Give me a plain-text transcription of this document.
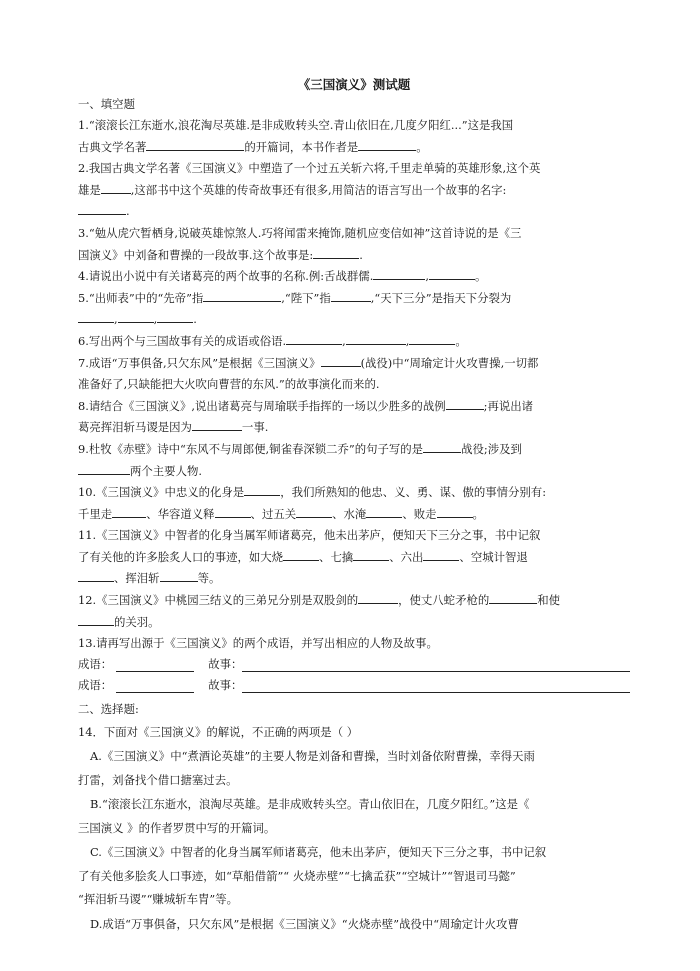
《三国演义》测试题
一、填空题
1.“滚滚长江东逝水,浪花淘尽英雄.是非成败转头空.青山依旧在,几度夕阳红...”这是我国
古典文学名著	的开篇词，本书作者是	。
2.我国古典文学名著《三国演义》中塑造了一个过五关斩六将,千里走单骑的英雄形象,这个英
雄是	,这部书中这个英雄的传奇故事还有很多,用简洁的语言写出一个故事的名字:
.
3.“勉从虎穴暂栖身,说破英雄惊煞人.巧将闻雷来掩饰,随机应变信如神”这首诗说的是《三
国演义》中刘备和曹操的一段故事.这个故事是:	.
4.请说出小说中有关诸葛亮的两个故事的名称.例:舌战群儒.	,	。
5.“出师表”中的“先帝”指	,“陛下”指	,“天下三分”是指天下分裂为
,	,	.
6.写出两个与三国故事有关的成语或俗语.	,	,	。
7.成语“万事俱备,只欠东风”是根据《三国演义》	(战役)中“周瑜定计火攻曹操,一切都
准备好了,只缺能把大火吹向曹营的东风.”的故事演化而来的.
8.请结合《三国演义》,说出诸葛亮与周瑜联手指挥的一场以少胜多的战例	;再说出诸
葛亮挥泪斩马谡是因为	一事.
9.杜牧《赤壁》诗中“东风不与周郎便,铜雀春深锁二乔”的句子写的是	战役;涉及到
两个主要人物.
10.《三国演义》中忠义的化身是	，我们所熟知的他忠、义、勇、谋、傲的事情分别有:
千里走	、华容道义释	、过五关	、水淹	、败走	。
11.《三国演义》中智者的化身当属军师诸葛亮，他未出茅庐，便知天下三分之事，书中记叙
了有关他的许多脍炙人口的事迹，如大烧	、七擒	、六出	、空城计智退
、挥泪斩	等。
12.《三国演义》中桃园三结义的三弟兄分别是双股剑的	，使丈八蛇矛枪的	和使
的关羽。
13.请再写出源于《三国演义》的两个成语，并写出相应的人物及故事。
成语：	故事：
成语：	故事：
二、选择题:
14．下面对《三国演义》的解说，不正确的两项是（ ）
A.《三国演义》中“煮酒论英雄”的主要人物是刘备和曹操，当时刘备依附曹操，幸得天雨
打雷，刘备找个借口搪塞过去。
B.“滚滚长江东逝水，浪淘尽英雄。是非成败转头空。青山依旧在，几度夕阳红。”这是《
三国演义 》的作者罗贯中写的开篇词。
C.《三国演义》中智者的化身当属军师诸葛亮，他未出茅庐，便知天下三分之事，书中记叙
了有关他多脍炙人口事迹，如“草船借箭”“ 火烧赤壁”“七擒孟获”“空城计”“智退司马懿”
“挥泪斩马谡”“赚城斩车胄”等。
D.成语“万事俱备，只欠东风”是根据《三国演义》“火烧赤壁”战役中“周瑜定计火攻曹
